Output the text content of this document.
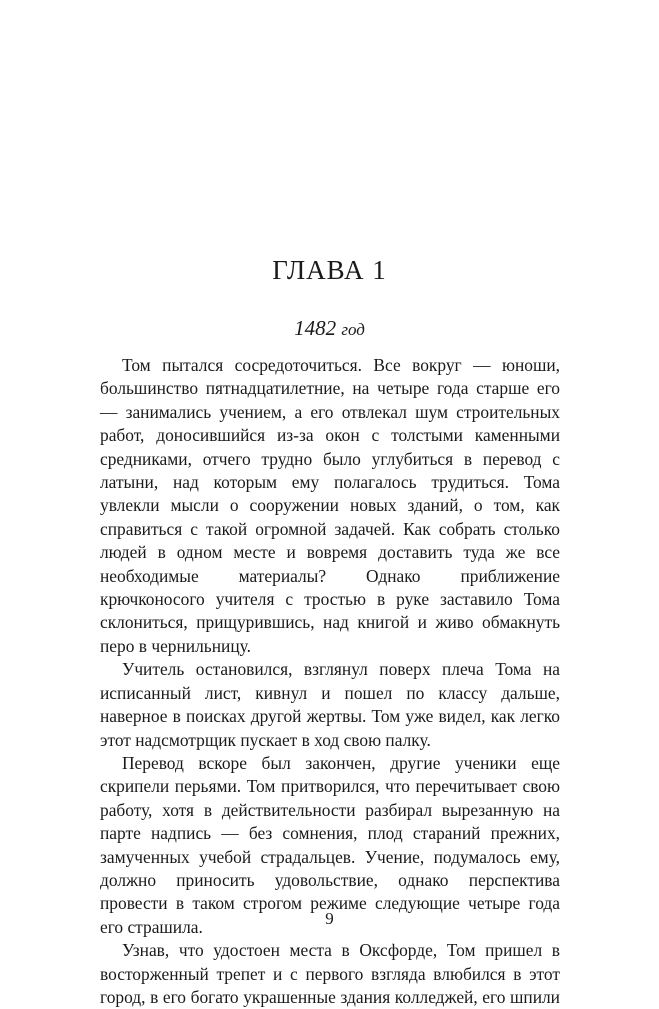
ГЛАВА 1
1482 год

Том пытался сосредоточиться. Все вокруг — юноши, большинство пятнадцатилетние, на четыре года старше его — занимались учением, а его отвлекал шум строительных работ, доносившийся из-за окон с толстыми каменными средниками, отчего трудно было углубиться в перевод с латыни, над которым ему полагалось трудиться. Тома увлекли мысли о сооружении новых зданий, о том, как справиться с такой огромной задачей. Как собрать столько людей в одном месте и вовремя доставить туда же все необходимые материалы? Однако приближение крючконосого учителя с тростью в руке заставило Тома склониться, прищурившись, над книгой и живо обмакнуть перо в чернильницу.

Учитель остановился, взглянул поверх плеча Тома на исписанный лист, кивнул и пошел по классу дальше, наверное в поисках другой жертвы. Том уже видел, как легко этот надсмотрщик пускает в ход свою палку.

Перевод вскоре был закончен, другие ученики еще скрипели перьями. Том притворился, что перечитывает свою работу, хотя в действительности разбирал вырезанную на парте надпись — без сомнения, плод стараний прежних, замученных учебой страдальцев. Учение, подумалось ему, должно приносить удовольствие, однако перспектива провести в таком строгом режиме следующие четыре года его страшила.

Узнав, что удостоен места в Оксфорде, Том пришел в восторженный трепет и с первого взгляда влюбился в этот город, в его богато украшенные здания колледжей, его шпили

9
